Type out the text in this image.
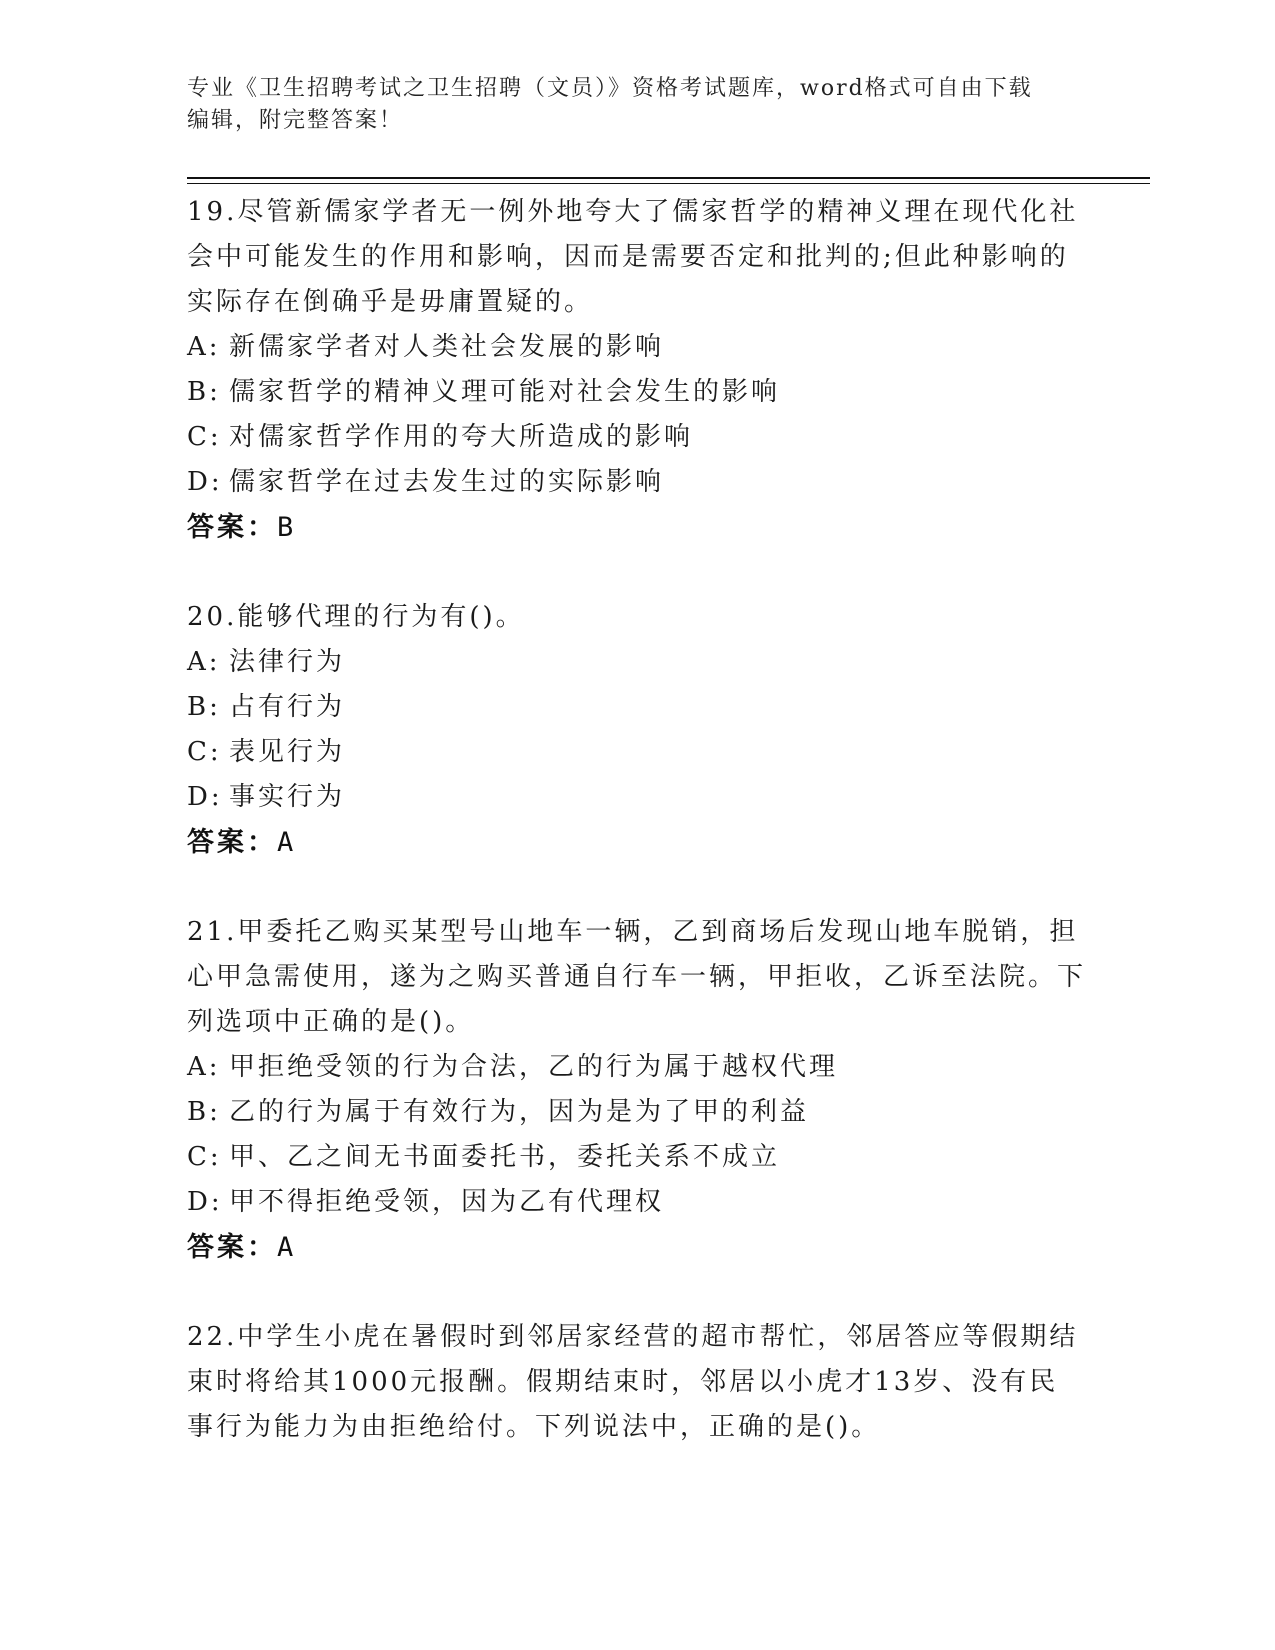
专业《卫生招聘考试之卫生招聘（文员）》资格考试题库，word格式可自由下载
编辑，附完整答案！

19.尽管新儒家学者无一例外地夸大了儒家哲学的精神义理在现代化社会中可能发生的作用和影响，因而是需要否定和批判的;但此种影响的实际存在倒确乎是毋庸置疑的。

A: 新儒家学者对人类社会发展的影响

B: 儒家哲学的精神义理可能对社会发生的影响

C: 对儒家哲学作用的夸大所造成的影响

D: 儒家哲学在过去发生过的实际影响

答案：B

20.能够代理的行为有()。

A: 法律行为

B: 占有行为

C: 表见行为

D: 事实行为

答案：A

21.甲委托乙购买某型号山地车一辆，乙到商场后发现山地车脱销，担心甲急需使用，遂为之购买普通自行车一辆，甲拒收，乙诉至法院。下列选项中正确的是()。

A: 甲拒绝受领的行为合法，乙的行为属于越权代理

B: 乙的行为属于有效行为，因为是为了甲的利益

C: 甲、乙之间无书面委托书，委托关系不成立

D: 甲不得拒绝受领，因为乙有代理权

答案：A

22.中学生小虎在暑假时到邻居家经营的超市帮忙，邻居答应等假期结束时将给其1000元报酬。假期结束时，邻居以小虎才13岁、没有民事行为能力为由拒绝给付。下列说法中，正确的是()。
